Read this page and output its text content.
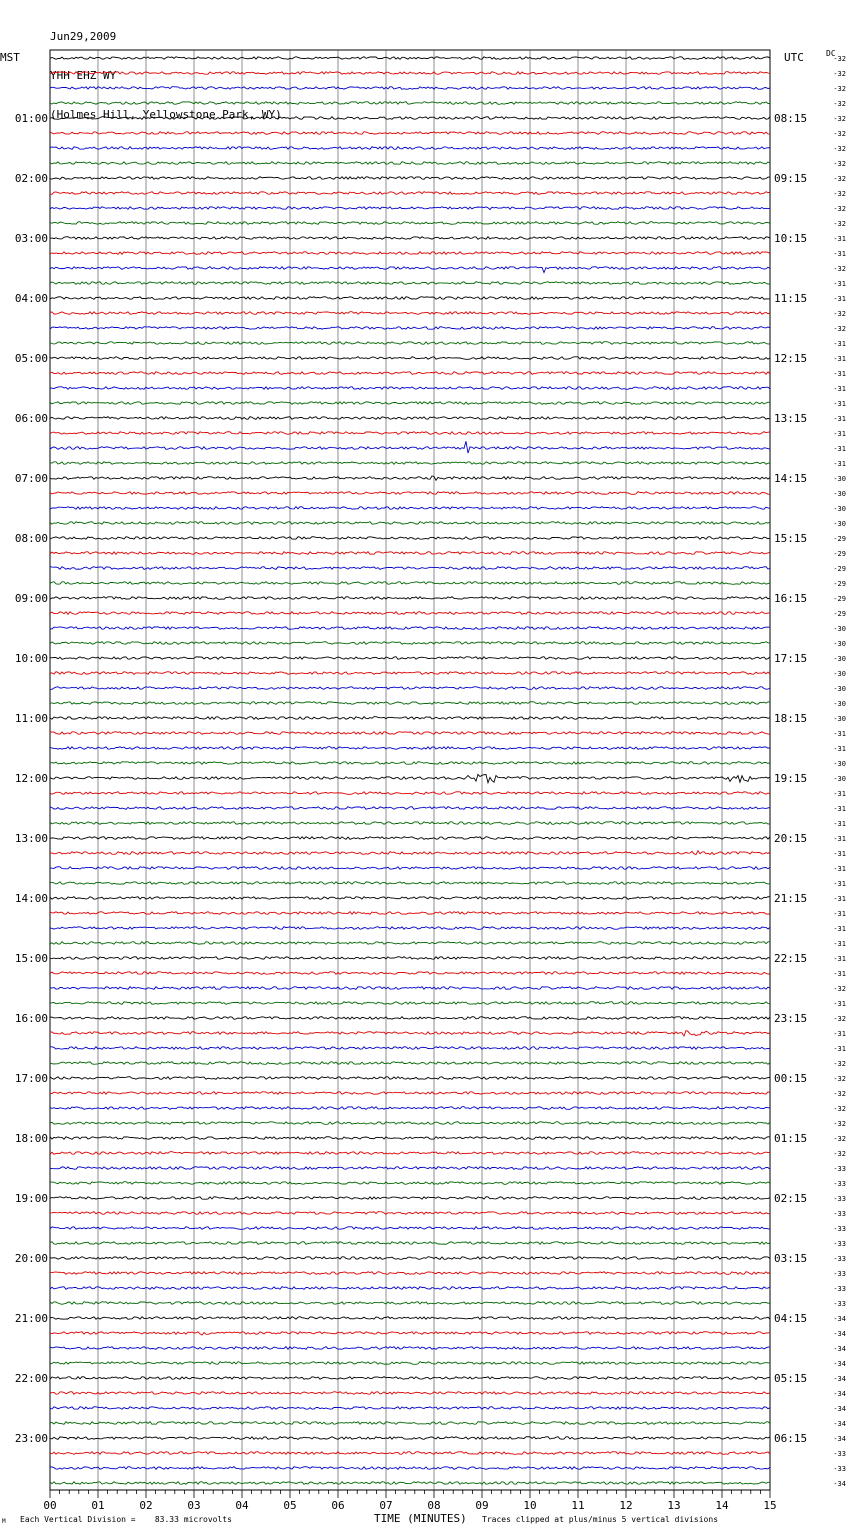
Jun29,2009

YHH EHZ WY

(Holmes Hill, Yellowstone Park, WY)

MST	UTC	DC
-32
-32
-32
-32
-32
-32
-32
-32
-32
-32
-32
-32
-31
-31
-32
-31
-31
-32
-32
-31
-31
-31
-31
-31
-31
-31
-31
-31
-30
-30
-30
-30
-29
-29
-29
-29
-29
-29
-30
-30
-30
-30
-30
-30
-30
-31
-31
-30
-30
-31
-31
-31
-31
-31
-31
-31
-31
-31
-31
-31
-31
-31
-32
-31
-32
-31
-31
-32
-32
-32
-32
-32
-32
-32
-33
-33
-33
-33
-33
-33
-33
-33
-33
-33
-34
-34
-34
-34
-34
-34
-34
-34
-34
-33
-33
-34
01:00	08:15
02:00	09:15
03:00	10:15
04:00	11:15
05:00	12:15
06:00	13:15
07:00	14:15
08:00	15:15
09:00	16:15
10:00	17:15
11:00	18:15
12:00	19:15
13:00	20:15
14:00	21:15
15:00	22:15
16:00	23:15
17:00	00:15
18:00	01:15
19:00	02:15
20:00	03:15
21:00	04:15
22:00	05:15
23:00	06:15
00	01	02	03	04	05	06	07	08	09	10	11	12	13	14	15
M Each Vertical Division =    83.33 microvolts	TIME (MINUTES) Traces clipped at plus/minus 5 vertical divisions
